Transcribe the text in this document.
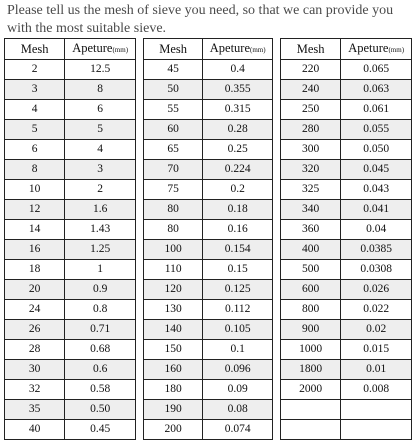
Please tell us the mesh of sieve you need, so that we can provide you
with the most suitable sieve.
Mesh	Apeture(mm)
2	12.5
3	8
4	6
5	5
6	4
8	3
10	2
12	1.6
14	1.43
16	1.25
18	1
20	0.9
24	0.8
26	0.71
28	0.68
30	0.6
32	0.58
35	0.50
40	0.45
Mesh	Apeture(mm)
45	0.4
50	0.355
55	0.315
60	0.28
65	0.25
70	0.224
75	0.2
80	0.18
80	0.16
100	0.154
110	0.15
120	0.125
130	0.112
140	0.105
150	0.1
160	0.096
180	0.09
190	0.08
200	0.074
Mesh	Apeture(mm)
220	0.065
240	0.063
250	0.061
280	0.055
300	0.050
320	0.045
325	0.043
340	0.041
360	0.04
400	0.0385
500	0.0308
600	0.026
800	0.022
900	0.02
1000	0.015
1800	0.01
2000	0.008
